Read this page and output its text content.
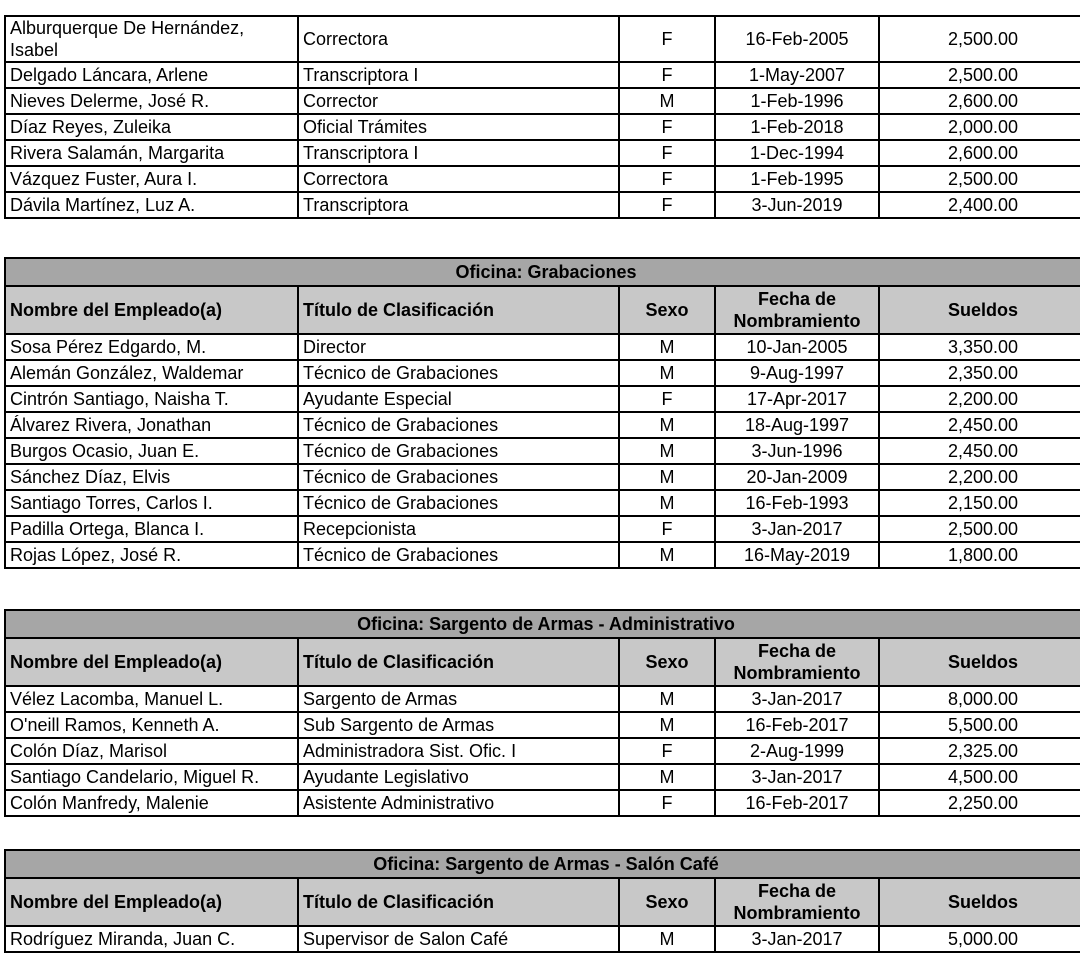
Alburquerque De Hernández, Isabel	Correctora	F	16-Feb-2005	2,500.00
Delgado Láncara, Arlene	Transcriptora I	F	1-May-2007	2,500.00
Nieves Delerme, José R.	Corrector	M	1-Feb-1996	2,600.00
Díaz Reyes, Zuleika	Oficial Trámites	F	1-Feb-2018	2,000.00
Rivera Salamán, Margarita	Transcriptora I	F	1-Dec-1994	2,600.00
Vázquez Fuster, Aura I.	Correctora	F	1-Feb-1995	2,500.00
Dávila Martínez, Luz A.	Transcriptora	F	3-Jun-2019	2,400.00
Oficina: Grabaciones				
Nombre del Empleado(a)	Título de Clasificación	Sexo	Fecha de Nombramiento	Sueldos
Sosa Pérez Edgardo, M.	Director	M	10-Jan-2005	3,350.00
Alemán González, Waldemar	Técnico de Grabaciones	M	9-Aug-1997	2,350.00
Cintrón Santiago, Naisha T.	Ayudante Especial	F	17-Apr-2017	2,200.00
Álvarez Rivera, Jonathan	Técnico de Grabaciones	M	18-Aug-1997	2,450.00
Burgos Ocasio, Juan E.	Técnico de Grabaciones	M	3-Jun-1996	2,450.00
Sánchez Díaz, Elvis	Técnico de Grabaciones	M	20-Jan-2009	2,200.00
Santiago Torres, Carlos I.	Técnico de Grabaciones	M	16-Feb-1993	2,150.00
Padilla Ortega, Blanca I.	Recepcionista	F	3-Jan-2017	2,500.00
Rojas López, José R.	Técnico de Grabaciones	M	16-May-2019	1,800.00
Oficina: Sargento de Armas - Administrativo				
Nombre del Empleado(a)	Título de Clasificación	Sexo	Fecha de Nombramiento	Sueldos
Vélez Lacomba, Manuel L.	Sargento de Armas	M	3-Jan-2017	8,000.00
O'neill Ramos, Kenneth A.	Sub Sargento de Armas	M	16-Feb-2017	5,500.00
Colón Díaz, Marisol	Administradora Sist. Ofic. I	F	2-Aug-1999	2,325.00
Santiago Candelario, Miguel R.	Ayudante Legislativo	M	3-Jan-2017	4,500.00
Colón Manfredy, Malenie	Asistente Administrativo	F	16-Feb-2017	2,250.00
Oficina: Sargento de Armas - Salón Café				
Nombre del Empleado(a)	Título de Clasificación	Sexo	Fecha de Nombramiento	Sueldos
Rodríguez Miranda, Juan C.	Supervisor de Salon Café	M	3-Jan-2017	5,000.00
